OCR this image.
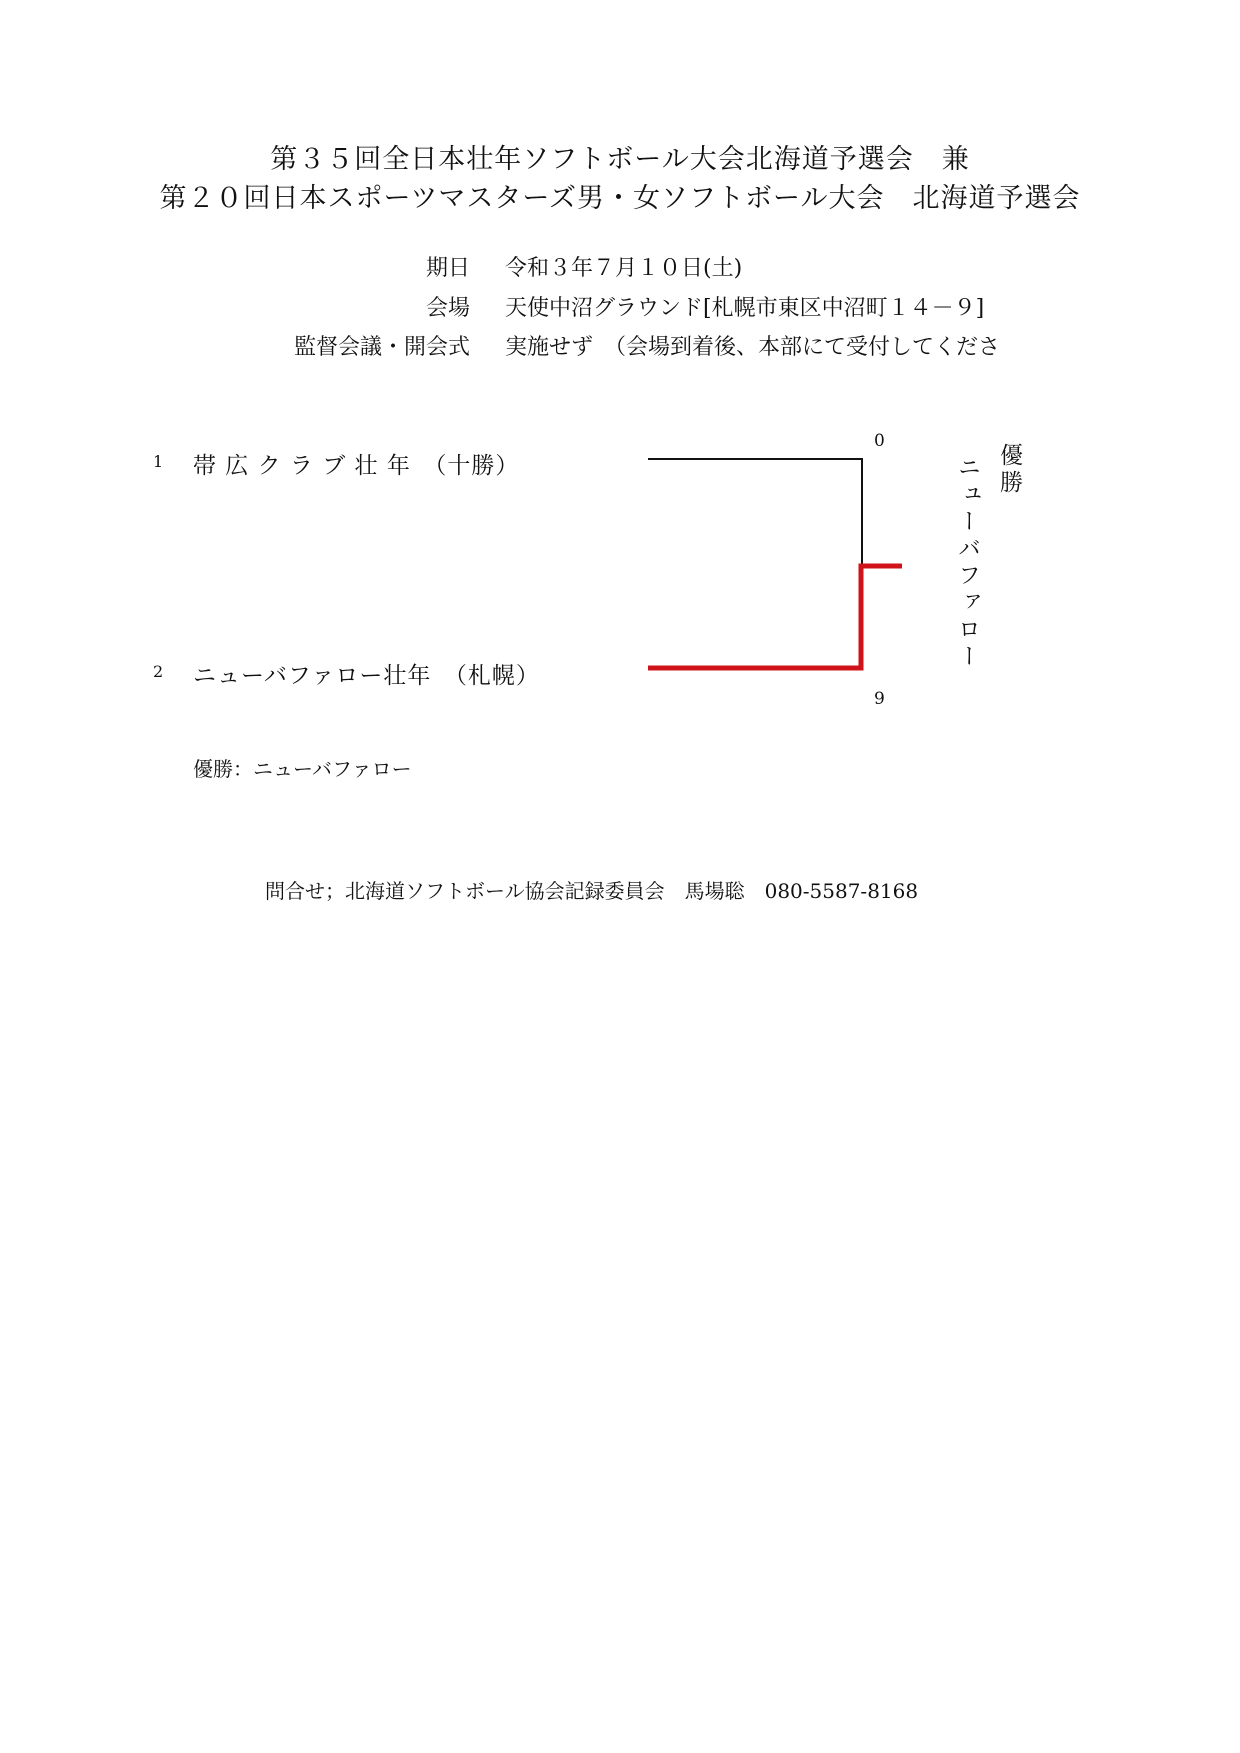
第３５回全日本壮年ソフトボール大会北海道予選会　兼
第２０回日本スポーツマスターズ男・女ソフトボール大会　北海道予選会
期日 令和３年７月１０日(土)
会場 天使中沼グラウンド[札幌市東区中沼町１４－９]
監督会議・開会式 実施せず　（会場到着後、本部にて受付してくださ
1 帯 広 ク ラ ブ 壮 年　（十勝）
0
2 ニューバファロー壮年　（札幌）
9
優勝
ニューバファロー
優勝：ニューバファロー
問合せ；北海道ソフトボール協会記録委員会　馬場聡　080-5587-8168
